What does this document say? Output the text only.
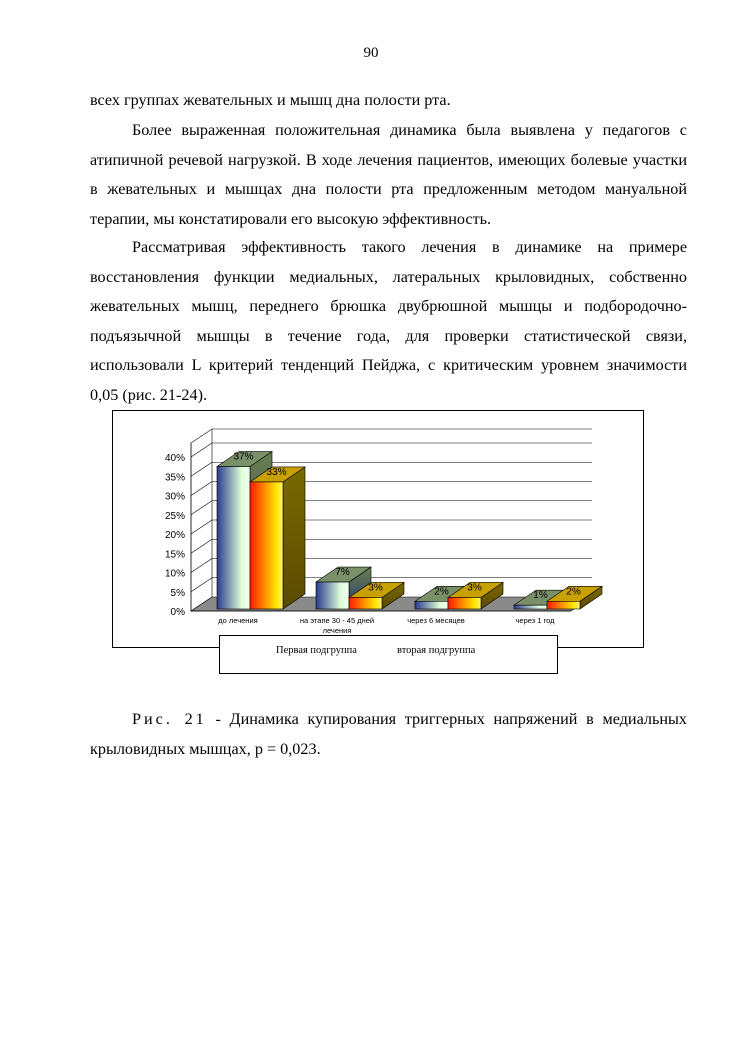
90

всех группах жевательных и мышц дна полости рта.

Более выраженная положительная динамика была выявлена у педагогов с атипичной речевой нагрузкой. В ходе лечения пациентов, имеющих болевые участки в жевательных и мышцах дна полости рта предложенным методом мануальной терапии, мы констатировали его высокую эффективность.

Рассматривая эффективность такого лечения в динамике на примере восстановления функции медиальных, латеральных крыловидных, собственно жевательных мышц, переднего брюшка двубрюшной мышцы и подбородочно-подъязычной мышцы в течение года, для проверки статистической связи, использовали L критерий тенденций Пейджа, с критическим уровнем значимости 0,05 (рис. 21-24).

0%
5%
10%
15%
20%
25%
30%
35%
40%	37%
33%
до лечения
7%
3%
на этапе 30 - 45 дней
лечения
2% 3%
через 6 месяцев
1% 2%
через 1 год
Первая подгруппа	вторая подгруппа

Рис. 21 - Динамика купирования триггерных напряжений в медиальных крыловидных мышцах, р = 0,023.
